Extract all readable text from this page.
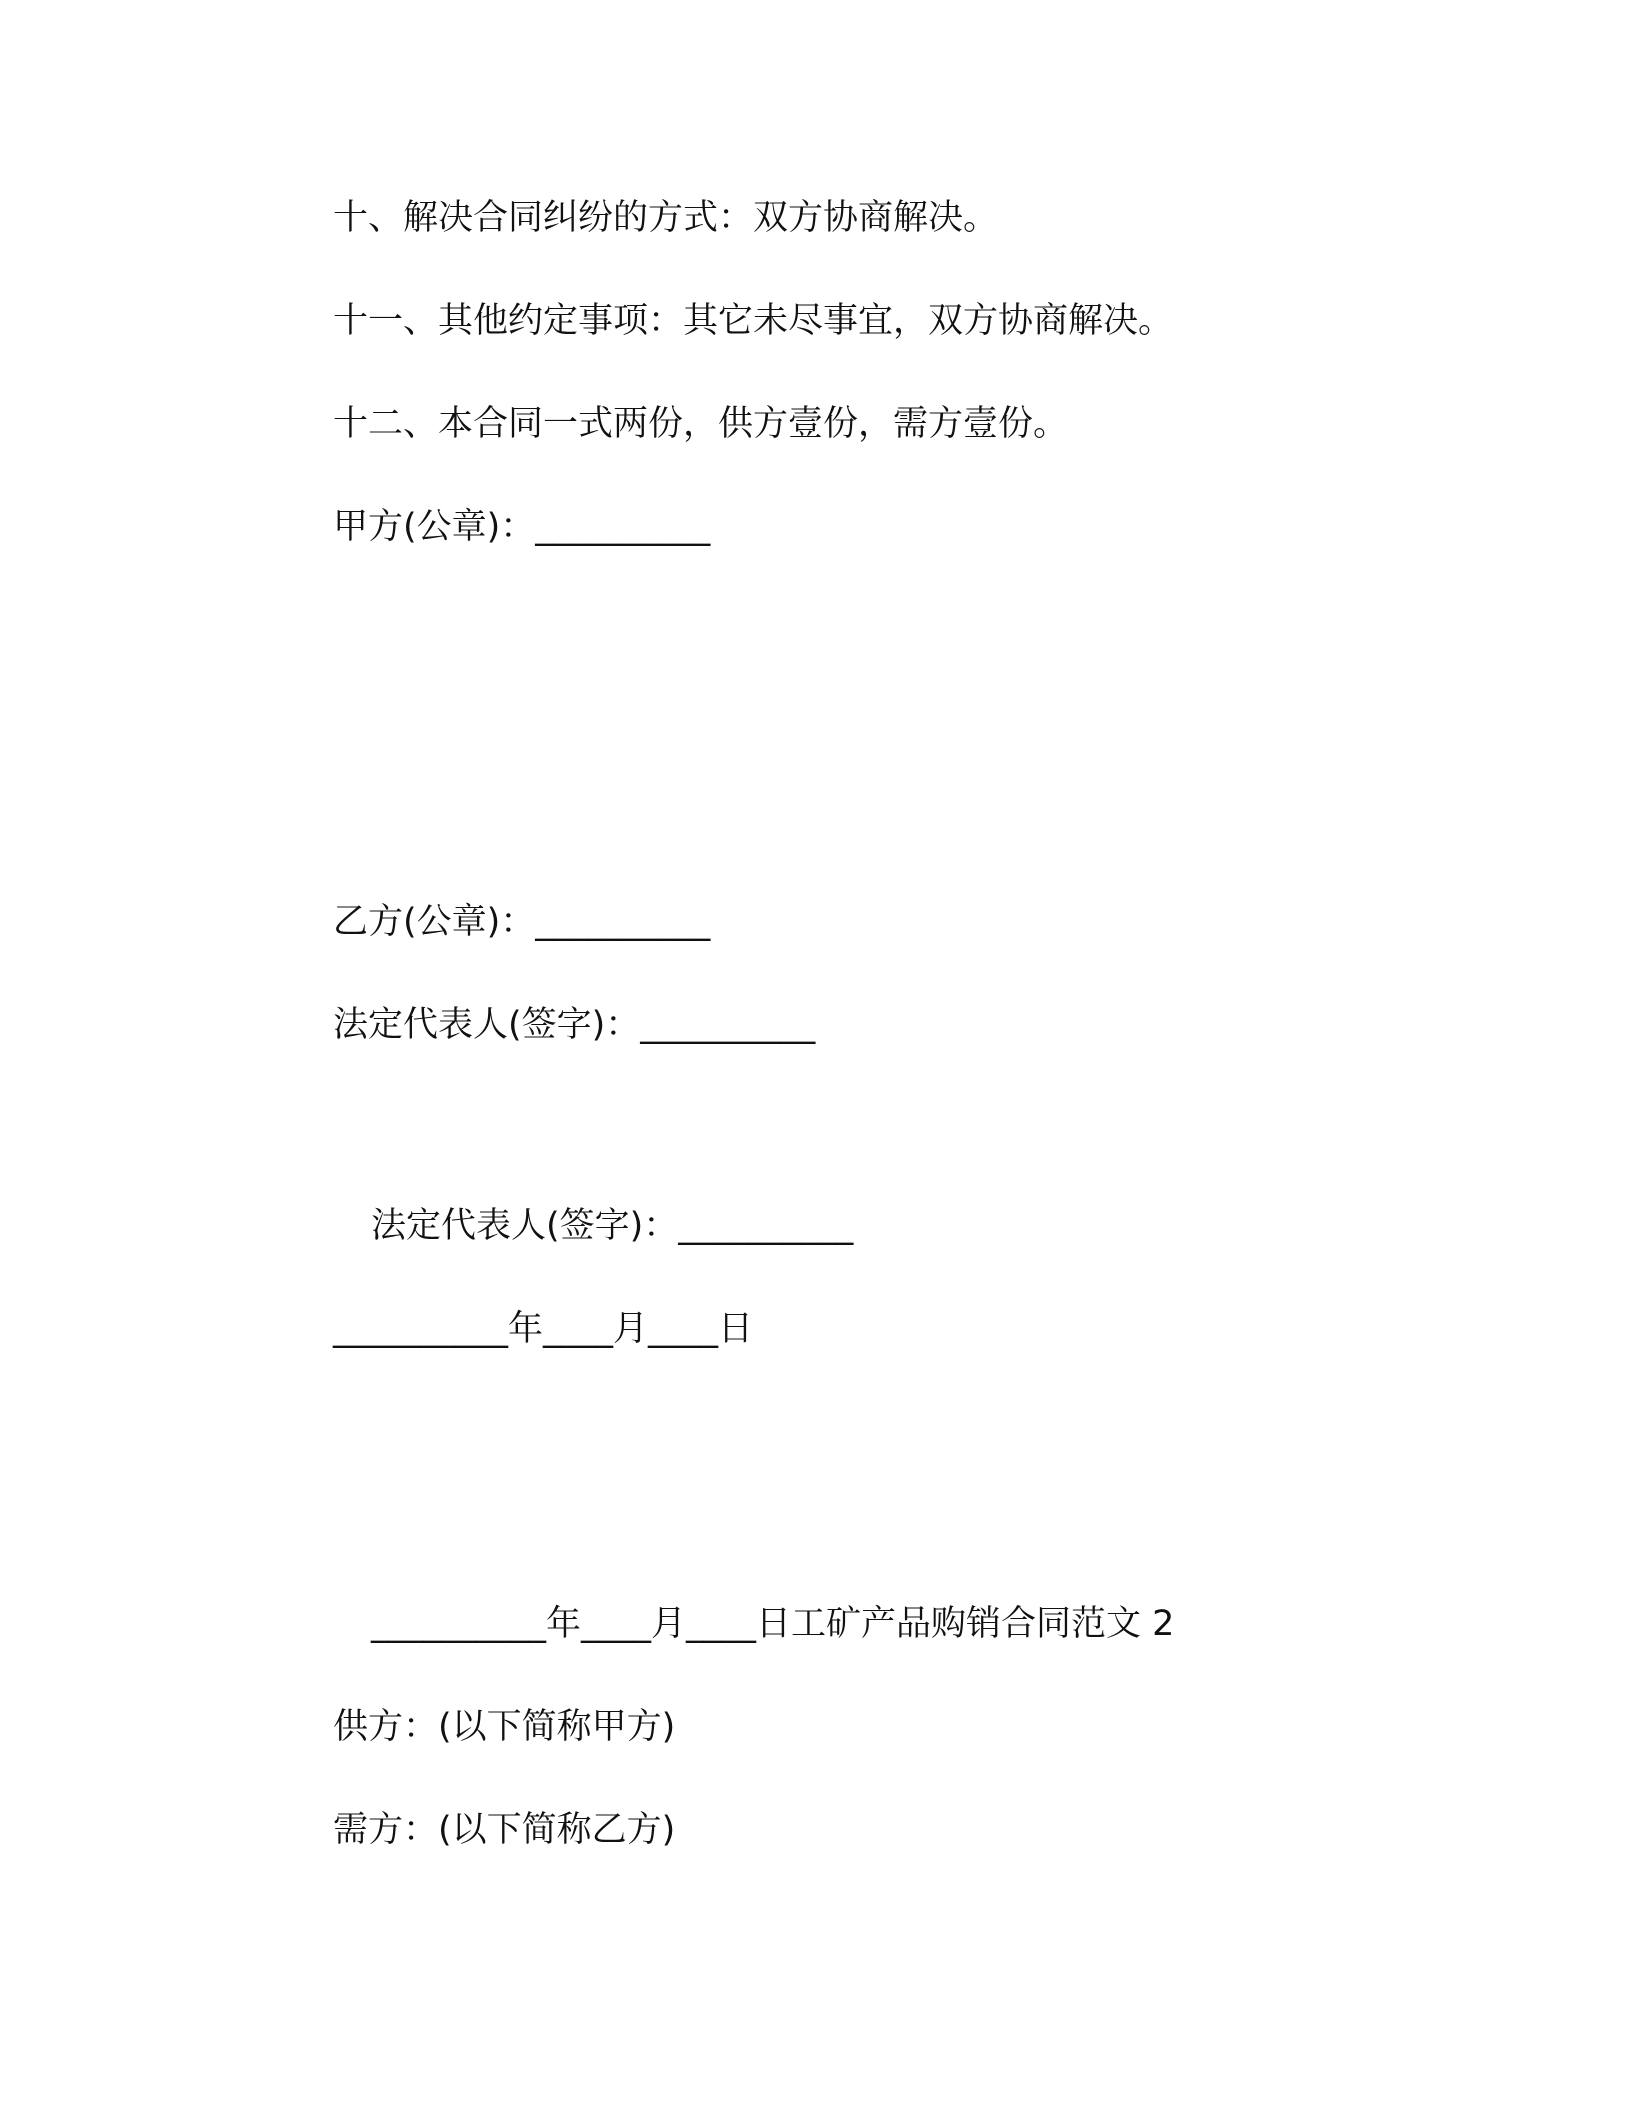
十、解决合同纠纷的方式：双方协商解决。
十一、其他约定事项：其它未尽事宜，双方协商解决。
十二、本合同一式两份，供方壹份，需方壹份。
甲方(公章)：__________
乙方(公章)：__________
法定代表人(签字)：__________
法定代表人(签字)：__________
__________年____月____日
__________年____月____日工矿产品购销合同范文 2
供方：(以下简称甲方)
需方：(以下简称乙方)
